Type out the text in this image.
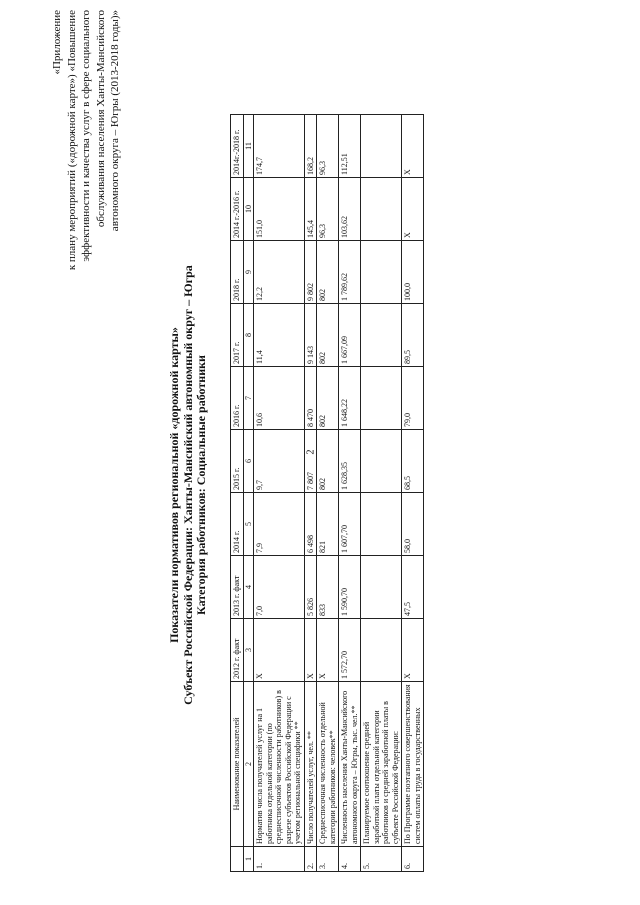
2
«Приложение к плану мероприятий («дорожной карте») «Повышение эффективности и качества услуг в сфере социального обслуживания населения Ханты-Мансийского автономного округа – Югры (2013-2018 годы)»
Показатели нормативов региональной «дорожной карты» Субъект Российской Федерации: Ханты-Мансийский автономный округ – Югра Категория работников: Социальные работники
	Наименование показателей	2012 г. факт	2013 г. факт	2014 г.	2015 г.	2016 г.	2017 г.	2018 г.	2014 г.-2016 г.	2014г.-2018 г.
1	2	3	4	5	6	7	8	9	10	11
1.	Норматив числа получателей услуг на 1 работника отдельной категории (по среднесписочной численности работников) в разрезе субъектов Российской Федерации с учетом региональной специфики **	X	7,0	7,9	9,7	10,6	11,4	12,2	151,0	174,7
2.	Число получателей услуг, чел. **	X	5 826	6 498	7 807	8 470	9 143	9 802	145,4	168,2
3.	Среднесписочная численность отдельной категории работников: человек**	X	833	821	802	802	802	802	96,3	96,3
4.	Численность населения Ханты-Мансийского автономного округа – Югры, тыс. чел.**	1 572,70	1 590,70	1 607,70	1 628,35	1 648,22	1 667,09	1 789,62	103,62	112,51
5.	Планируемое соотношение средней заработной платы отдельной категории работников и средней заработной платы в субъекте Российской Федерации:									
6.	По Программе поэтапного совершенствования систем оплаты труда в государственных	X	47,5	58,0	68,5	79,0	89,5	100,0	X	X
